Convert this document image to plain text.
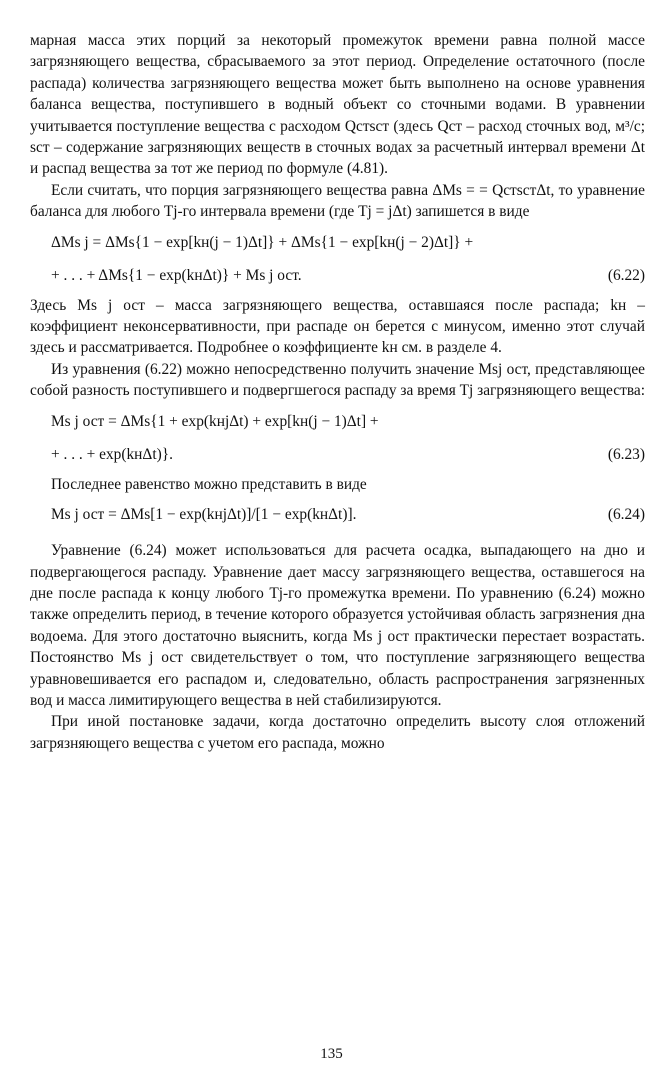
марная масса этих порций за некоторый промежуток времени равна полной массе загрязняющего вещества, сбрасываемого за этот период. Определение остаточного (после распада) количества загрязняющего вещества может быть выполнено на основе уравнения баланса вещества, поступившего в водный объект со сточными водами. В уравнении учитывается поступление вещества с расходом Qстsст (здесь Qст – расход сточных вод, м³/с; sст – содержание загрязняющих веществ в сточных водах за расчетный интервал времени Δt и распад вещества за тот же период по формуле (4.81).

Если считать, что порция загрязняющего вещества равна ΔMs = = QстsстΔt, то уравнение баланса для любого Tj-го интервала времени (где Tj = jΔt) запишется в виде

ΔMs j = ΔMs{1 − exp[kн(j − 1)Δt]} + ΔMs{1 − exp[kн(j − 2)Δt]} +
+ . . . + ΔMs{1 − exp(kнΔt)} + Ms j ост.	(6.22)

Здесь Ms j ост – масса загрязняющего вещества, оставшаяся после распада; kн – коэффициент неконсервативности, при распаде он берется с минусом, именно этот случай здесь и рассматривается. Подробнее о коэффициенте kн см. в разделе 4.

Из уравнения (6.22) можно непосредственно получить значение Msj ост, представляющее собой разность поступившего и подвергшегося распаду за время Tj загрязняющего вещества:

Ms j ост = ΔMs{1 + exp(kнjΔt) + exp[kн(j − 1)Δt] +
+ . . . + exp(kнΔt)}.	(6.23)

Последнее равенство можно представить в виде

Ms j ост = ΔMs[1 − exp(kнjΔt)]/[1 − exp(kнΔt)].	(6.24)

Уравнение (6.24) может использоваться для расчета осадка, выпадающего на дно и подвергающегося распаду. Уравнение дает массу загрязняющего вещества, оставшегося на дне после распада к концу любого Tj-го промежутка времени. По уравнению (6.24) можно также определить период, в течение которого образуется устойчивая область загрязнения дна водоема. Для этого достаточно выяснить, когда Ms j ост практически перестает возрастать. Постоянство Ms j ост свидетельствует о том, что поступление загрязняющего вещества уравновешивается его распадом и, следовательно, область распространения загрязненных вод и масса лимитирующего вещества в ней стабилизируются.

При иной постановке задачи, когда достаточно определить высоту слоя отложений загрязняющего вещества с учетом его распада, можно

135
